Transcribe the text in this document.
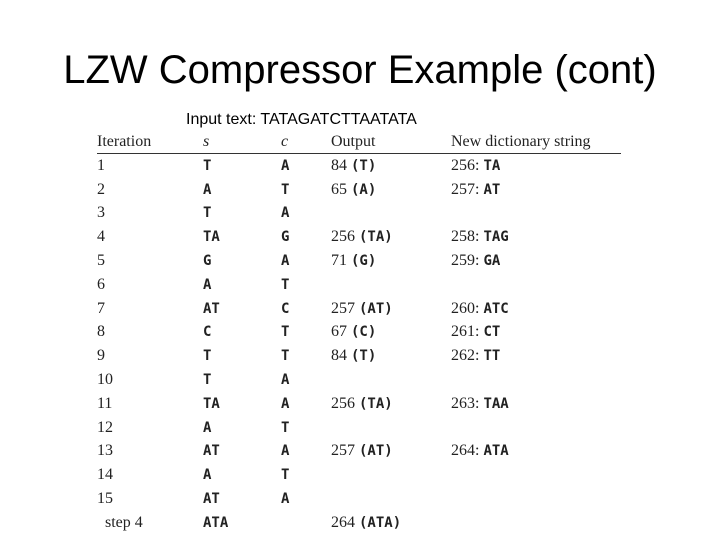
LZW Compressor Example (cont)
Input text: TATAGATCTTAATATA
Iteration	s	c	Output	New dictionary string
1	T	A	84 (T)	256: TA
2	A	T	65 (A)	257: AT
3	T	A		
4	TA	G	256 (TA)	258: TAG
5	G	A	71 (G)	259: GA
6	A	T		
7	AT	C	257 (AT)	260: ATC
8	C	T	67 (C)	261: CT
9	T	T	84 (T)	262: TT
10	T	A		
11	TA	A	256 (TA)	263: TAA
12	A	T		
13	AT	A	257 (AT)	264: ATA
14	A	T		
15	AT	A		
step 4	ATA		264 (ATA)	
